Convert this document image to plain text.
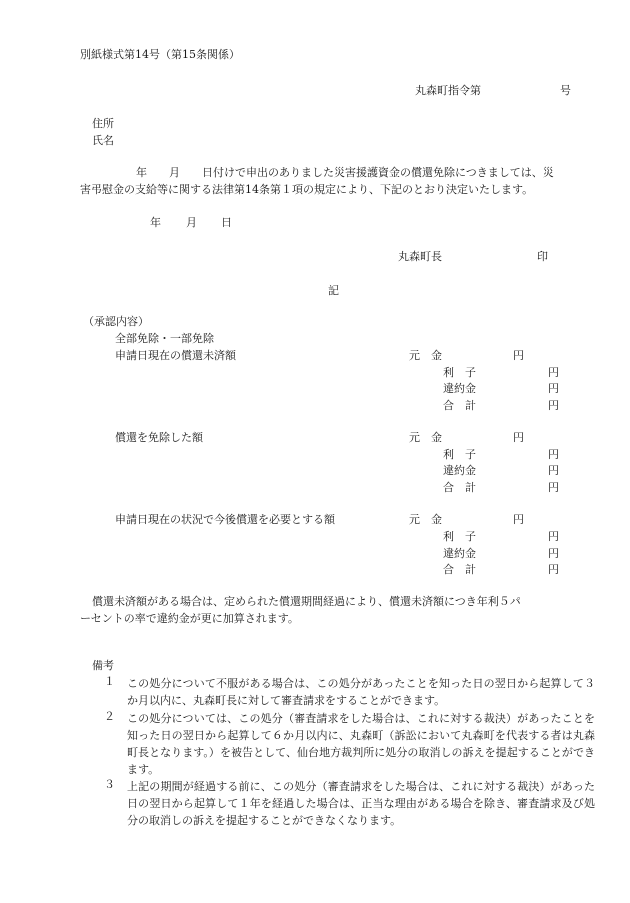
別紙様式第14号（第15条関係）
丸森町指令第	号
住所
氏名
年　　月　　日付けで申出のありました災害援護資金の償還免除につきましては、災
害弔慰金の支給等に関する法律第14条第１項の規定により、下記のとおり決定いたします。
年 月 日
丸森町長	印
記
（承認内容）
全部免除・一部免除
申請日現在の償還未済額	元　金	円
利　子	円
違約金	円
合　計	円
償還を免除した額	元　金	円
利　子	円
違約金	円
合　計	円
申請日現在の状況で今後償還を必要とする額	元　金	円
利　子	円
違約金	円
合　計	円
償還未済額がある場合は、定められた償還期間経過により、償還未済額につき年利５パ
ーセントの率で違約金が更に加算されます。
備考
１ この処分について不服がある場合は、この処分があったことを知った日の翌日から起算して３か月以内に、丸森町長に対して審査請求をすることができます。
２ この処分については、この処分（審査請求をした場合は、これに対する裁決）があったことを知った日の翌日から起算して６か月以内に、丸森町（訴訟において丸森町を代表する者は丸森町長となります。）を被告として、仙台地方裁判所に処分の取消しの訴えを提起することができます。
３ 上記の期間が経過する前に、この処分（審査請求をした場合は、これに対する裁決）があった日の翌日から起算して１年を経過した場合は、正当な理由がある場合を除き、審査請求及び処分の取消しの訴えを提起することができなくなります。
